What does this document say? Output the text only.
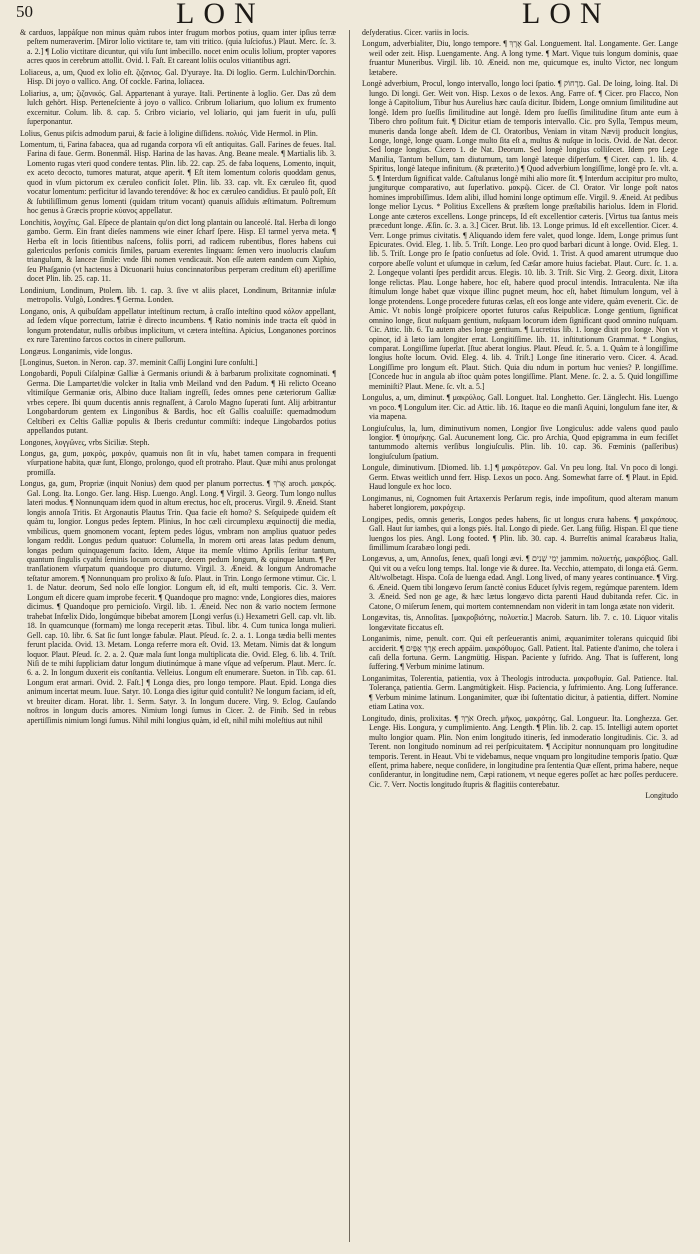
50	LON	LON

& carduos, lappáſque non minus quàm rubos inter frugum morbos potius, quam inter ipſius terræ peſtem numeraverim. [Miror lolio victitare te, tam viti tritico. (quia luſciofus.) Plaut. Merc. ſc. 3. a. 2.] ¶ Lolio victitare dicuntur, qui viſu ſunt imbecillo. nocet enim oculis lolium, propter vapores acres quos in cerebrum attollit. Ovid. l. Faſt. Et careant loliis oculos vitiantibus agri.

Loliaceus, a, um, Quod ex lolio eſt. ζιζανιος. Gal. D'yuraye. Ita. Di loglio. Germ. Lulchin/Dorchin. Hisp. Di joyo o vallico. Ang. Of cockle. Farina, loliacea.

Loliarius, a, um; ζιζανικός. Gal. Appartenant à yuraye. Itali. Pertinente à loglio. Ger. Das zů dem lulch gehört. Hisp. Perteneſciente à joyo o vallico. Cribrum loliarium, quo lolium ex frumento excernitur. Colum. lib. 8. cap. 5. Cribro viciario, vel loliario, qui jam fuerit in uſu, pulſi ſuperponantur.

Lolius, Genus piſcis admodum parui, & facie à loligine diſſidens. πολιός. Vide Hermol. in Plin.

Lomentum, ti, Farina fabacea, qua ad ruganda corpora vſi eſt antiquitas. Gall. Farines de feues. Ital. Farina di faue. Germ. Bonenmál. Hisp. Harina de las havas. Ang. Beane meale. ¶ Martialis lib. 3. Lomento rugas vteri quod condere tentas. Plin. lib. 22. cap. 25. de faba loquens, Lomento, inquit, ex aceto decocto, tumores maturat, atque aperit. ¶ Eſt item lomentum coloris quoddam genus, quod in vſum pictorum ex cæruleo conficit ſolet. Plin. lib. 33. cap. vlt. Ex cæruleo fit, quod vocatur lomentum: perficitur id lavando terendóve: & hoc ex cæruleo candidius. Et paulò poſt, Eſt & ſubtiliſſimum genus lomenti (quidam tritum vocant) quanuis aſſiduis æſtimatum. Poſtremum hoc genus à Græcis proprie κύανος appellatur.

Lonchitis, λογχῖτις. Gal. Eſpece de plantain qu'on dict long plantain ou lanceolé. Ital. Herba di longo gambo. Germ. Ein frant dieſes nammens wie einer ſcharf ſpere. Hisp. El tarmel yerva meta. ¶ Herba eſt in locis ſitientibus naſcens, foliis porri, ad radicem rubentibus, flores habens cui galericulos perſonis comicis ſimiles, paruam exerentes linguam: ſemen vero inuolucris clauſum triangulum, & lanceæ ſimile: vnde ſibi nomen vendicauit. Non eſſe autem eandem cum Xiphio, ſeu Phaſganio (vt hactenus à Dicuonarii huius concinnatoribus perperam creditum eſt) aperiſſime docet Plin. lib. 25. cap. 11.

Londinium, Londinum, Ptolem. lib. 1. cap. 3. ſive vt aliis placet, Londinum, Britanniæ inſulæ metropolis. Vulgò, Londres. ¶ Germa. Londen.

Longano, onis, A quibuſdam appellatur inteſtinum rectum, à craſſo inteſtino quod κόλον appellant, ad ſedem vſque porrectum, Iatriæ è directo incumbens. ¶ Ratio nominis inde tracta eſt quòd in longum protendatur, nullis orbibus implicitum, vt cætera inteſtina. Apicius, Longanones porcinos ex rure Tarentino farcos coctos in cinere pullorum.

Longæus. Longanimis, vide longus.

[Longinus, Sueton. in Neron. cap. 37. meminit Caſſij Longini Iure conſulti.]

Longobardi, Populi Ciſalpinæ Galliæ à Germanis oriundi & à barbarum prolixitate cognominati. ¶ Germa. Die Lampartet/die volcker in Italia vmb Meiland vnd den Padum. ¶ Hi relicto Oceano vltimiſque Germaniæ oris, Albino duce Italiam ingreſſi, ſedes omnes pene cæteriorum Galliæ vrbes cepere. Ibi quum ducentis annis regnaſſent, à Carolo Magno ſuperati ſunt. Alij arbitrantur Longobardorum gentem ex Lingonibus & Bardis, hoc eſt Gallis coaluiſſe: quemadmodum Celtiberi ex Celtis Galliæ populis & Iberis creduntur commiſti: indeque Lingobardos potius appellandos putant.

Longones, λογγῶνες, vrbs Siciliæ. Steph.

Longus, ga, gum, μακρὸς, μακρόν, quamuis non ſit in vſu, habet tamen compara in frequenti vſurpatione habita, quæ ſunt, Elongo, prolongo, quod eſt protraho. Plaut. Quæ mihi anus prolongat promiſſa.

Longus, ga, gum, Propriæ (inquit Nonius) dem quod per planum porrectus. ¶ אָרֹךְ aroch. μακρός. Gal. Long. Ita. Longo. Ger. lang. Hisp. Luengo. Angl. Long. ¶ Virgil. 3. Georg. Tum longo nullus lateri modus. ¶ Nonnunquam idem quod in altum erectus, hoc eſt, procerus. Virgil. 9. Æneid. Stant longis annoſa Tritis. Et Argonautis Plautus Trin. Qua facie eſt homo? S. Seſquipede quidem eſt quàm tu, longior. Longus pedes ſeptem. Plinius, In hoc cæli circumplexu æquinoctij die media, vmbilicus, quem gnomonem vocant, ſeptem pedes lógus, vmbram non amplius quatuor pedes longam reddit. Longus pedum quatuor: Columella, In morem orti areas latas pedum denum, longas pedum quinquagenum facito. Idem, Atque ita memſe vltimo Aprilis ſeritur tantum, quantum ſingulis cyathi ſeminis locum occupare, decem pedum longum, & quinque latum. ¶ Per tranſlationem vſurpatum quandoque pro diuturno. Virgil. 3. Æneid. & longum Andromache teſtatur amorem. ¶ Nonnunquam pro prolixo & ſuſo. Plaut. in Trin. Longo ſermone vtimur. Cic. l. 1. de Natur. deorum, Sed nolo eſſe longior. Longum eſt, id eſt, multi temporis. Cic. 3. Verr. Longum eſt dicere quam improbe fecerit. ¶ Quandoque pro magno: vnde, Longiores dies, maiores dicimus. ¶ Quandoque pro pernicioſo. Virgil. lib. 1. Æneid. Nec non & vario noctem ſermone trahebat Infœlix Dido, longúmque bibebat amorem [Longi verſus (i.) Hexametri Gell. cap. vlt. lib. 18. In quamcunque (formam) me longa receperit ætas. Tibul. libr. 4. Cum tunica longa mulieri. Gell. cap. 10. libr. 6. Sat ſic ſunt longæ fabulæ. Plaut. Pſeud. ſc. 2. a. 1. Longa tædia belli mentes ferunt placida. Ovid. 13. Metam. Longa referre mora eſt. Ovid. 13. Metam. Nimis dat & longum loquor. Plaut. Pſeud. ſc. 2. a. 2. Quæ mala ſunt longa multiplicata die. Ovid. Eleg. 6. lib. 4. Triſt. Niſi de te mihi ſuppliciam datur longum diutinúmque à mane vſque ad veſperum. Plaut. Merc. ſc. 6. a. 2. In longum duxerit eis conſtantia. Velleius. Longum eſt enumerare. Sueton. in Tib. cap. 61. Longum erat armari. Ovid. 2. Faſt.] ¶ Longa dies, pro longo tempore. Plaut. Epid. Longa dies animum incertat meum. Iuue. Satyr. 10. Longa dies igitur quid contulit? Ne longum faciam, id eſt, vt breuiter dicam. Horat. libr. 1. Serm. Satyr. 3. In longum ducere. Virg. 9. Eclog. Cauſando noſtros in longum ducis amores. Nimium longi ſumus in Cicer. 2. de Finib. Sed in rebus apertiſſimis nimium longi ſumus. Nihil mihi longius quàm, id eſt, nihil mihi moleſtius aut nihil

deſyderatius. Cicer. variis in locis.

Longum, adverbialiter, Diu, longo tempore. ¶ אֶרֶךְ Gal. Longuement. Ital. Longamente. Ger. Lange weil oder zeit. Hisp. Luengamente. Ang. A long tyme. ¶ Mart. Vique tuis longum dominis, quae fruantur Muneribus. Virgil. lib. 10. Æneid. non me, quicumque es, inulto Victor, nec longum lætabere.

Longè adverbium, Procul, longo intervallo, longo loci ſpatio. ¶ מֵרָחוֹק. Gal. De loing, loing. Ital. Di lungo. Di longi. Ger. Weit von. Hisp. Lexos o de lexos. Ang. Farre of. ¶ Cicer. pro Flacco, Non longe à Capitolium, Tibur hus Aurelius hæc cauſa dicitur. Ibidem, Longe omnium ſimilitudine aut longè. Idem pro ſueſſis ſimilitudine aut longè. Idem pro ſueſſis ſimilitudine ſitum ante eum à Tibero chro poſitum fuit. ¶ Dicitur etiam de temporis intervallo. Cic. pro Sylla, Tempus meum, muneris danda longe abeſt. Idem de Cl. Oratoribus, Veniam in vitam Nævij producit longius, Longe, longè, longe quam. Longe multo ſita eſt a, multus & nuſque in locis. Ovid. de Nat. decor. Sed longe longius. Cicero 1. de Nat. Deorum. Sed longè longius colliſecet. Idem pro Lege Manilia, Tantum bellum, tam diuturnum, tam longè lateque diſperſum. ¶ Cicer. cap. 1. lib. 4. Spiritus, longè lateque infinitum. (& præterito.) ¶ Quod adverbium longiſſime, longè pro ſe. vlt. a. 5. ¶ Interdum ſignificat valde. Caſtulanus longè mihi alio more ſit. ¶ Interdum accipitur pro multo, jungiturque comparativo, aut ſuperlativo. μακρῷ. Cicer. de Cl. Orator. Vir longe poſt natos homines improbiſſimus. Idem alibi, illud homini longe optimum eſſe. Virgil. 9. Æneid. At pedibus longe melior Lycus. * Politius Excellens & præſtem longe præſtabilis hariolus. Idem in Florid. Longe ante cæteros excellens. Longe princeps, Id eſt excellentior cæteris. [Virtus tua ſantus meis præcedunt longe. Æſin. ſc. 3. a. 3.] Cicer. Brut. lib. 13. Longe primus. Id eſt excellentior. Cicer. 4. Verr. Longe primus civitatis. ¶ Aliquando idem fere valet, quod longe. Idem, Longe primus ſunt Epicurates. Ovid. Eleg. 1. lib. 5. Triſt. Longe. Leo pro quod barbari dicunt à longe. Ovid. Eleg. 1. lib. 5. Triſt. Longe pro ſe ſpatio conſuetus ad ſole. Ovid. 1. Trist. A quod amarent utrumque duo corpore abeſſe volunt et uſumque in cælum, ſed Cæſar amore huius faciebat. Plaut. Curc. ſc. 1. a. 2. Longeque volanti ſpes perdidit arcus. Elegis. 10. lib. 3. Triſt. Sic Virg. 2. Georg. dixit, Litora longe relictas. Plau. Longe habere, hoc eſt, habere quod procul intendis. Intraculenta. Næ iſta ſtimulum longe habet quæ vixque illinc pugnet meum, hoc eſt, habet ſtimulum longum, vel à longe protendens. Longe procedere futuras cælas, eſt eos longe ante videre, quàm evenerit. Cic. de Amic. Vt nobis longè proſpicere oportet futuros caſus Reipublicæ. Longe gentium, ſignificat omnino longe, ſicut nuſquam gentium, nuſquam locorum idem ſignificant quod omnino nuſquam. Cic. Attic. lib. 6. Tu autem abes longe gentium. ¶ Lucretius lib. 1. longe dixit pro longe. Non vt opinor, id à læto iam longiter errat. Longitiſſime. lib. 11. inſtitutionum Grammat. * Longius, comparat. Longiſſime ſuperlat. [ſtuc aberat longius. Plaut. Pſeud. ſc. 5. a. 1. Quàm te à longiſſime longius hoſte locum. Ovid. Eleg. 4. lib. 4. Triſt.] Longe ſine itinerario vero. Cicer. 4. Acad. Longiſſime pro longum eſt. Plaut. Stich. Quia diu ndum in portum huc venies? P. longiſſime. [Concede huc in angula ab iſtoc quàm potes longiſſime. Plant. Mene. ſc. 2. a. 5. Quid longiſſime meminiſti? Plaut. Mene. ſc. vlt. a. 5.]

Longulus, a, um, diminut. ¶ μακρύλος. Gall. Longuet. Ital. Longhetto. Ger. Länglecht. His. Luengo vn poco. ¶ Longulum iter. Cic. ad Attic. lib. 16. Itaque eo die manſi Aquini, longulum fane iter, & via mapena.

Longiuſculus, la, lum, diminutivum nomen, Longior ſive Longiculus: adde valens quod paulo longior. ¶ ὑπομήκης. Gal. Aucunement long. Cic. pro Archia, Quod epigramma in eum feciſſet tantummodo alternis verſibus longiuſculis. Plin. lib. 10. cap. 36. Fœminis (paſſeribus) longiuſculum ſpatium.

Longule, diminutivum. [Diomed. lib. 1.] ¶ μακρότερον. Gal. Vn peu long. Ital. Vn poco di longi. Germ. Etwas weitlich unnd ferr. Hisp. Lexos un poco. Ang. Somewhat farre of. ¶ Plaut. in Epid. Haud longule ex hoc loco.

Longimanus, ni, Cognomen fuit Artaxerxis Perſarum regis, inde impoſitum, quod alteram manum haberet longiorem, μακρόχειρ.

Longipes, pedis, omnis generis, Longos pedes habens, ſic ut longus crura habens. ¶ μακρόπους. Gall. Haut ſur iambes, qui a longs piés. Ital. Longo di piede. Ger. Lang füſig. Hispan. El que tiene luengos los pies. Angl. Long footed. ¶ Plin. lib. 30. cap. 4. Burreſtis animal ſcarabæus Italia, ſimillimum ſcarabæo longi pedi.

Longævus, a, um, Annoſus, ſenex, quaſi longi ævi. ¶ יְמֵי שָׁנִים jammim. πολυετής, μακρόβιος. Gall. Qui vit ou a veſcu long temps. Ital. longe vie & duree. Ita. Vecchio, attempato, di longa etá. Germ. Alt/wolbetagt. Hispa. Coſa de luenga edad. Angl. Long lived, of many yeares continuance. ¶ Virg. 6. Æneid. Quem tibi longævo ſerum ſanctè conius Educet ſylvis regem, regúmque parentem. Idem 3. Æneid. Sed non ge age, & hæc lætus longævo dicta parenti Haud dubitanda refer. Cic. in Catone, O miſerum ſenem, qui mortem contemnendam non viderit in tam longa ætate non viderit.

Longævitas, tis, Annoſitas. [μακροβιότης, πολυετία.] Macrob. Saturn. lib. 7. c. 10. Liquor vitalis longævitate ficcatus eſt.

Longanimis, nime, penult. corr. Qui eſt perſeuerantis animi, æquanimiter tolerans quicquid ſibi acciderit. ¶ אֶרֶךְ אַפַּיִם erech appáim. μακρόθυμος. Gall. Patient. Ital. Patiente d'animo, che tolera i caſi della fortuna. Germ. Langmütig. Hispan. Paciente y ſufrido. Ang. That is ſufferent, long ſuffering. ¶ Verbum minime latinum.

Longanimitas, Tolerentia, patientia, vox à Theologis introducta. μακροθυμία. Gal. Patience. Ital. Tolerança, patientia. Germ. Langmütigkeit. Hisp. Paciencia, y ſufrimiento. Ang. Long ſufferance. ¶ Verbum minime latinum. Longanimiter, quæ ibi ſuſtentatio dicitur, à patientia, differt. Nomine etiam Latina vox.

Longitudo, dinis, prolixitas. ¶ אֹרֶךְ Orech. μῆκος, μακρότης. Gal. Longueur. Ita. Longhezza. Ger. Lenge. His. Longura, y cumplimiento. Ang. Length. ¶ Plin. lib. 2. cap. 15. Intelligi autem oportet multo longior quam. Plin. Non enim longitudo itineris, ſed inmoderatio longitudinis. Cic. 3. ad Terent. non longitudo nominum ad rei perſpicuitatem. ¶ Accipitur nonnunquam pro longitudine temporis. Terent. in Heaut. Vbi te videbamus, neque vnquam pro longitudine temporis ſpatio. Quæ eſſent, prima habere, neque conſidere, in longitudine pra ſententia Quæ eſſent, prima habere, neque conſiderantur, in longitudine nem, Cæpi rationem, vt neque egeres poſſet ac hæc poſſes perducere. Cic. 7. Verr. Noctis longitudo ſtupris & flagitiis conterebatur.

Longitudo
